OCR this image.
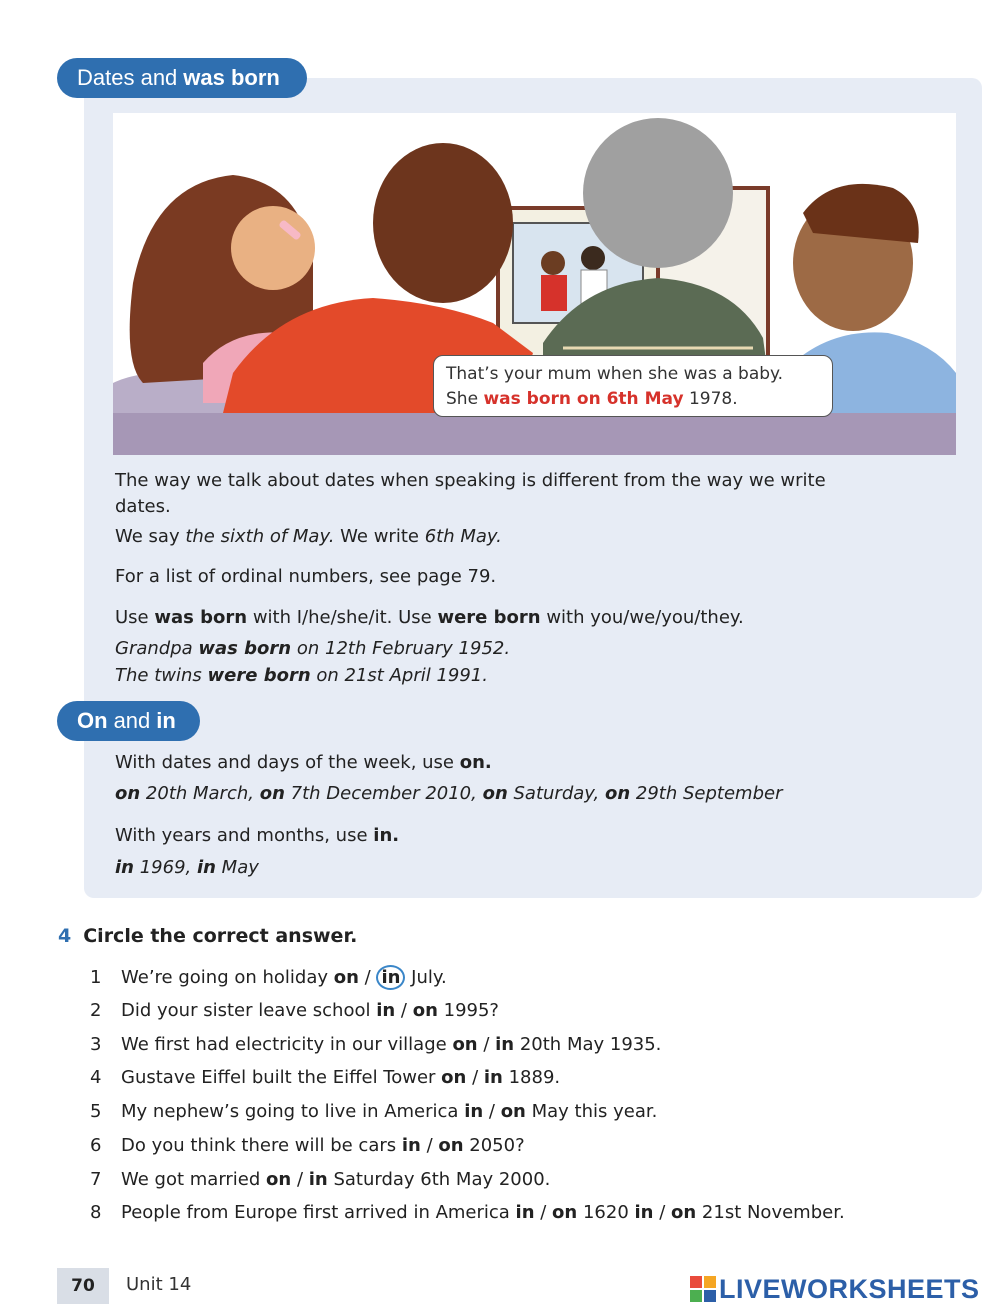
Dates and was born
That’s your mum when she was a baby.
She was born on 6th May 1978.
The way we talk about dates when speaking is different from the way we write dates.
We say the sixth of May. We write 6th May.
For a list of ordinal numbers, see page 79.
Use was born with I/he/she/it. Use were born with you/we/you/they.
Grandpa was born on 12th February 1952.
The twins were born on 21st April 1991.
On and in
With dates and days of the week, use on.
on 20th March, on 7th December 2010, on Saturday, on 29th September
With years and months, use in.
in 1969, in May
4 Circle the correct answer.
1 We’re going on holiday on / in July.
2 Did your sister leave school in / on 1995?
3 We first had electricity in our village on / in 20th May 1935.
4 Gustave Eiffel built the Eiffel Tower on / in 1889.
5 My nephew’s going to live in America in / on May this year.
6 Do you think there will be cars in / on 2050?
7 We got married on / in Saturday 6th May 2000.
8 People from Europe first arrived in America in / on 1620 in / on 21st November.
70	Unit 14	LIVEWORKSHEETS
